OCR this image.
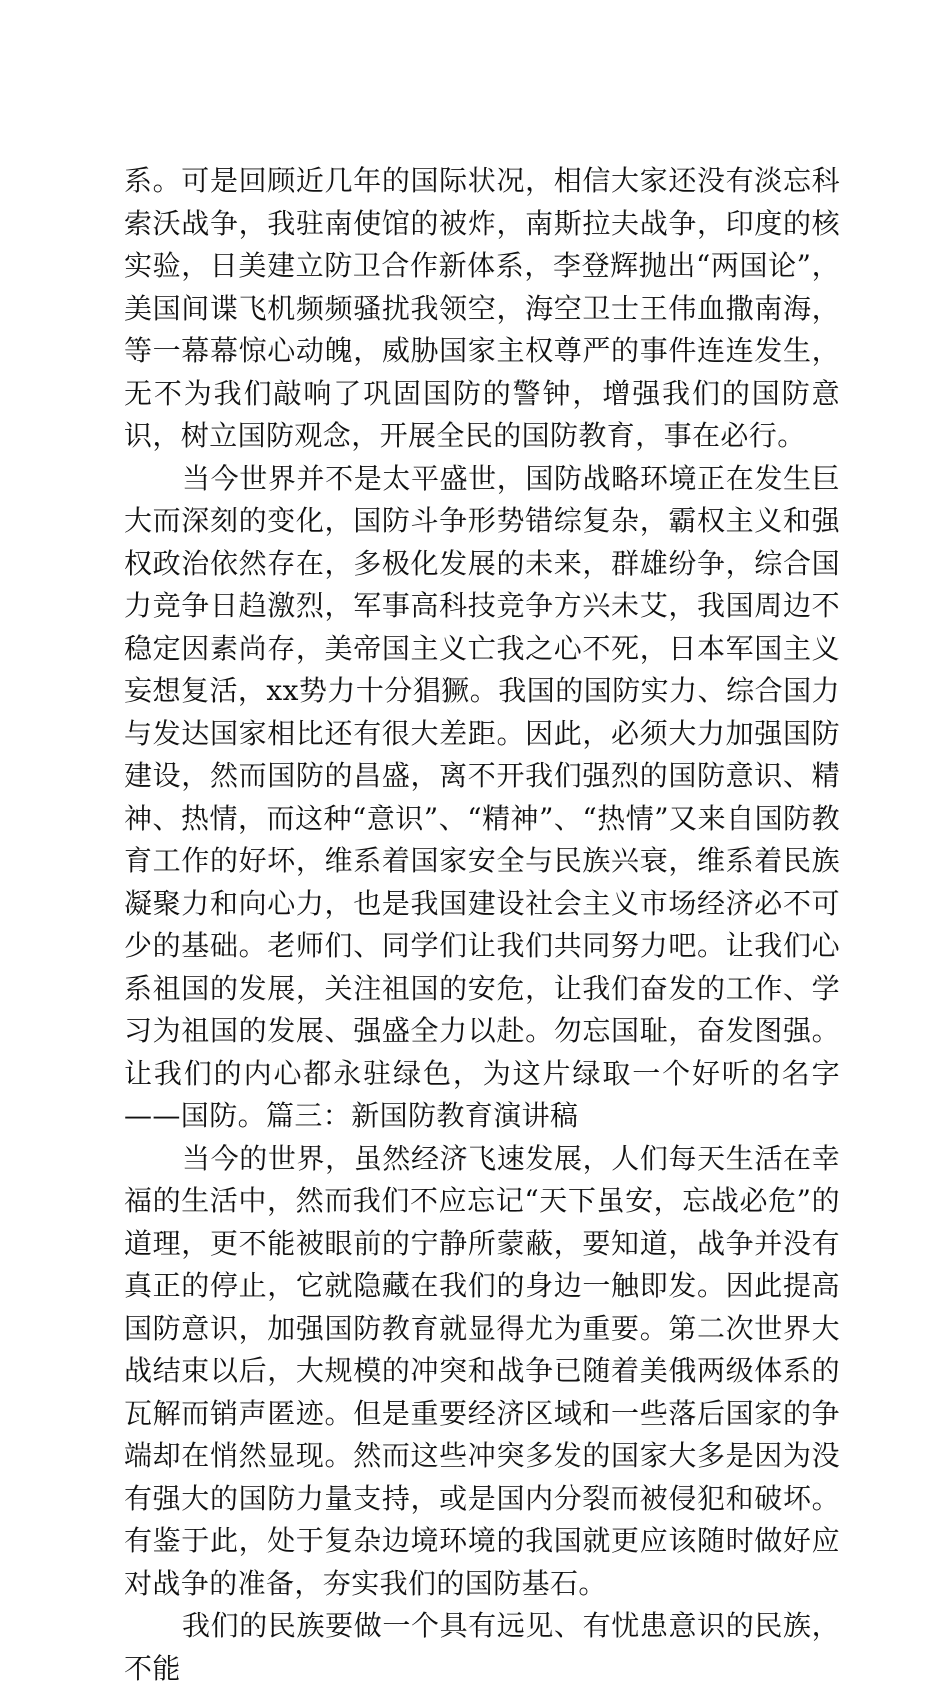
系。可是回顾近几年的国际状况，相信大家还没有淡忘科索沃战争，我驻南使馆的被炸，南斯拉夫战争，印度的核实验，日美建立防卫合作新体系，李登辉抛出“两国论”，美国间谍飞机频频骚扰我领空，海空卫士王伟血撒南海，等一幕幕惊心动魄，威胁国家主权尊严的事件连连发生，无不为我们敲响了巩固国防的警钟，增强我们的国防意识，树立国防观念，开展全民的国防教育，事在必行。

当今世界并不是太平盛世，国防战略环境正在发生巨大而深刻的变化，国防斗争形势错综复杂，霸权主义和强权政治依然存在，多极化发展的未来，群雄纷争，综合国力竞争日趋激烈，军事高科技竞争方兴未艾，我国周边不稳定因素尚存，美帝国主义亡我之心不死，日本军国主义妄想复活，xx势力十分猖獗。我国的国防实力、综合国力与发达国家相比还有很大差距。因此，必须大力加强国防建设，然而国防的昌盛，离不开我们强烈的国防意识、精神、热情，而这种“意识”、“精神”、“热情”又来自国防教育工作的好坏，维系着国家安全与民族兴衰，维系着民族凝聚力和向心力，也是我国建设社会主义市场经济必不可少的基础。老师们、同学们让我们共同努力吧。让我们心系祖国的发展，关注祖国的安危，让我们奋发的工作、学习为祖国的发展、强盛全力以赴。勿忘国耻，奋发图强。让我们的内心都永驻绿色，为这片绿取一个好听的名字——国防。篇三：新国防教育演讲稿

当今的世界，虽然经济飞速发展，人们每天生活在幸福的生活中，然而我们不应忘记“天下虽安，忘战必危”的道理，更不能被眼前的宁静所蒙蔽，要知道，战争并没有真正的停止，它就隐藏在我们的身边一触即发。因此提高国防意识，加强国防教育就显得尤为重要。第二次世界大战结束以后，大规模的冲突和战争已随着美俄两级体系的瓦解而销声匿迹。但是重要经济区域和一些落后国家的争端却在悄然显现。然而这些冲突多发的国家大多是因为没有强大的国防力量支持，或是国内分裂而被侵犯和破坏。有鉴于此，处于复杂边境环境的我国就更应该随时做好应对战争的准备，夯实我们的国防基石。

我们的民族要做一个具有远见、有忧患意识的民族，不能
